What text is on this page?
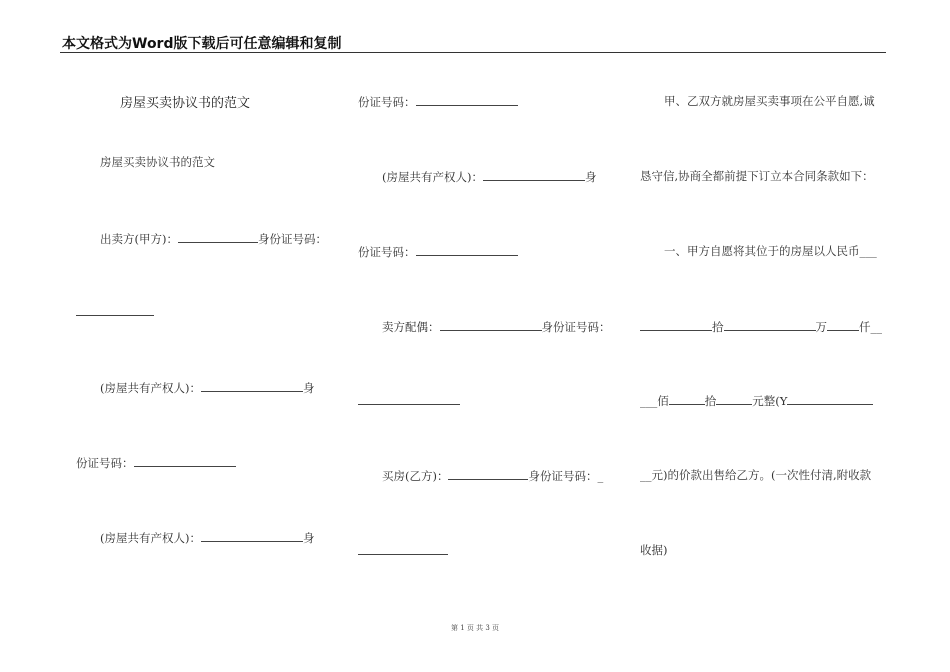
本文格式为Word版下载后可任意编辑和复制
房屋买卖协议书的范文
房屋买卖协议书的范文
出卖方(甲方)：	身份证号码：
(房屋共有产权人)：	身
份证号码：
(房屋共有产权人)：	身
份证号码：
(房屋共有产权人)：	身
份证号码：
卖方配偶：	身份证号码：
买房(乙方)：	身份证号码：_
甲、乙双方就房屋买卖事项在公平自愿,诚
恳守信,协商全都前提下订立本合同条款如下：
一、甲方自愿将其位于的房屋以人民币___
拾	万	仟__
___佰	拾	元整(Y
__元)的价款出售给乙方。(一次性付清,附收款
收据)
第 1 页 共 3 页
